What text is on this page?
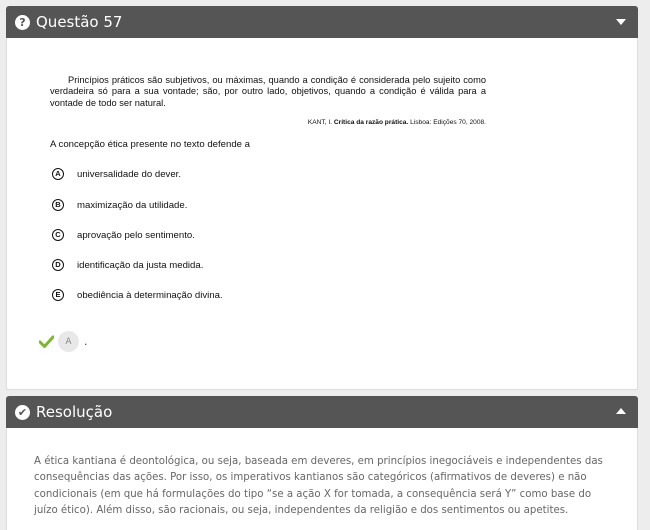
? Questão 57

Princípios práticos são subjetivos, ou máximas, quando a condição é considerada pelo sujeito como verdadeira só para a sua vontade; são, por outro lado, objetivos, quando a condição é válida para a vontade de todo ser natural.

KANT, I. Crítica da razão prática. Lisboa: Edições 70, 2008.
A concepção ética presente no texto defende a
A	universalidade do dever.
B	maximização da utilidade.
C	aprovação pelo sentimento.
D	identificação da justa medida.
E	obediência à determinação divina.
A	.
✔ Resolução

A ética kantiana é deontológica, ou seja, baseada em deveres, em princípios inegociáveis e independentes das consequências das ações. Por isso, os imperativos kantianos são categóricos (afirmativos de deveres) e não condicionais (em que há formulações do tipo “se a ação X for tomada, a consequência será Y” como base do juízo ético). Além disso, são racionais, ou seja, independentes da religião e dos sentimentos ou apetites.
